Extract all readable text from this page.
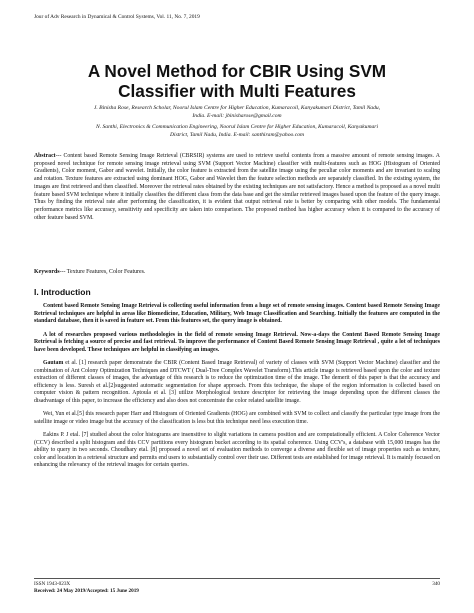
Jour of Adv Research in Dynamical & Control Systems, Vol. 11, No. 7, 2019
A Novel Method for CBIR Using SVM
Classifier with Multi Features

J. Binisha Rose, Research Scholar, Noorul Islam Centre for Higher Education, Kumaracoil, Kanyakumari District, Tamil Nadu,
India. E-mail: jbinisharose@gmail.com

N. Santhi, Electronics & Communication Engineering, Noorul Islam Centre for Higher Education, Kumaracoil, Kanyakumari
District, Tamil Nadu, India. E-mail: santhiram@yahoo.com

Abstract--- Content based Remote Sensing Image Retrieval (CBRSIR) systems are used to retrieve useful contents from a massive amount of remote sensing images. A proposed novel technique for remote sensing image retrieval using SVM (Support Vector Machine) classifier with multi-features such as HOG (Histogram of Oriented Gradients), Color moment, Gabor and wavelet. Initially, the color feature is extracted from the satellite image using the peculiar color moments and are invariant to scaling and rotation. Texture features are extracted using dominant HOG, Gabor and Wavelet then the feature selection methods are separately classified. In the existing system, the images are first retrieved and then classified. Moreover the retrieval rates obtained by the existing techniques are not satisfactory. Hence a method is proposed as a novel multi feature based SVM technique where it initially classifies the different class from the data base and get the similar retrieved images based upon the feature of the query image. Thus by finding the retrieval rate after performing the classification, it is evident that output retrieval rate is better by comparing with other models. The fundamental performance metrics like accuracy, sensitivity and specificity are taken into comparison. The proposed method has higher accuracy when it is compared to the accuracy of other feature based SVM.
Keywords--- Texture Features, Color Features.
I. Introduction

Content based Remote Sensing Image Retrieval is collecting useful information from a huge set of remote sensing images. Content based Remote Sensing Image Retrieval techniques are helpful in areas like Biomedicine, Education, Military, Web Image Classification and Searching. Initially the features are computed in the standard database, then it is saved in feature set. From this features set, the query image is obtained.

A lot of researches proposed various methodologies in the field of remote sensing Image Retrieval. Now-a-days the Content Based Remote Sensing Image Retrieval is fetching a source of precise and fast retrieval. To improve the performance of Content Based Remote Sensing Image Retrieval , quite a lot of techniques have been developed. These techniques are helpful in classifying an images.

Gautam et al. [1] research paper demonstrate the CBIR (Content Based Image Retrieval) of variety of classes with SVM (Support Vector Machine) classifier and the combination of Ant Colony Optimization Techniques and DTCWT ( Dual-Tree Complex Wavelet Transform).This article image is retrieved based upon the color and texture extraction of different classes of images, the advantage of this research is to reduce the optimization time of the image. The demerit of this paper is that the accuracy and efficiency is less. Suresh et al.[2]suggested automatic segmentation for shape approach. From this technique, the shape of the region information is collected based on computer vision & pattern recognition. Aptoula et al. [3] utilize Morphological texture descriptor for retrieving the image depending upon the different classes the disadvantage of this paper, to increase the efficiency and also does not concentrate the color related satellite image.

Wei, Yun et al.[5] this research paper Harr and Histogram of Oriented Gradients (HOG) are combined with SVM to collect and classify the particular type image from the satellite image or video image but the accuracy of the classification is less but this technique need less execution time.

Eakins P. J etal. [7] studied about the color histograms are insensitive to slight variations in camera position and are computationally efficient. A Color Coherence Vector (CCV) described a split histogram and this CCV partitions every histogram bucket according to its spatial coherence. Using CCV's, a database with 15,000 images has the ability to query in two seconds. Choudhary etal. [8] proposed a novel set of evaluation methods to converge a diverse and flexible set of image properties such as texture, color and location in a retrieval structure and permits end users to substantially control over their use. Different tests are established for image retrieval. It is mainly focused on enhancing the relevancy of the retrieval images for certain queries.

ISSN 1943-023X
Received: 24 May 2019/Accepted: 15 June 2019
340
